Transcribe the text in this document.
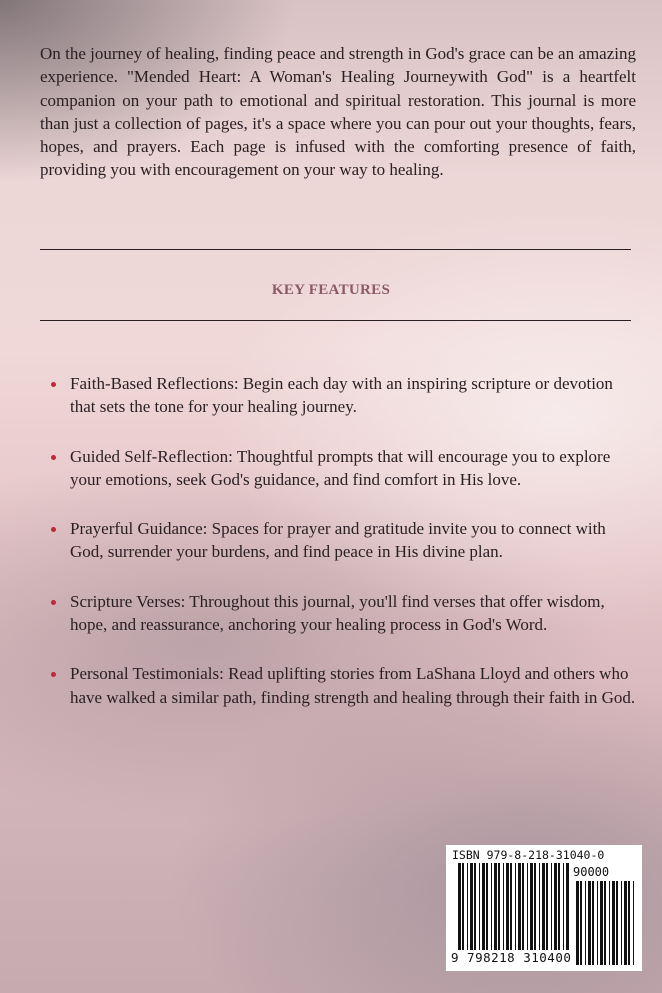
On the journey of healing, finding peace and strength in God's grace can be an amazing experience. "Mended Heart: A Woman's Healing Journeywith God" is a heartfelt companion on your path to emotional and spiritual restoration. This journal is more than just a collection of pages, it's a space where you can pour out your thoughts, fears, hopes, and prayers. Each page is infused with the comforting presence of faith, providing you with encouragement on your way to healing.

KEY FEATURES
Faith-Based Reflections: Begin each day with an inspiring scripture or devotion that sets the tone for your healing journey.
Guided Self-Reflection: Thoughtful prompts that will encourage you to explore your emotions, seek God's guidance, and find comfort in His love.
Prayerful Guidance: Spaces for prayer and gratitude invite you to connect with God, surrender your burdens, and find peace in His divine plan.
Scripture Verses: Throughout this journal, you'll find verses that offer wisdom, hope, and reassurance, anchoring your healing process in God's Word.
Personal Testimonials: Read uplifting stories from LaShana Lloyd and others who have walked a similar path, finding strength and healing through their faith in God.
ISBN 979-8-218-31040-0
90000
9 798218 310400
